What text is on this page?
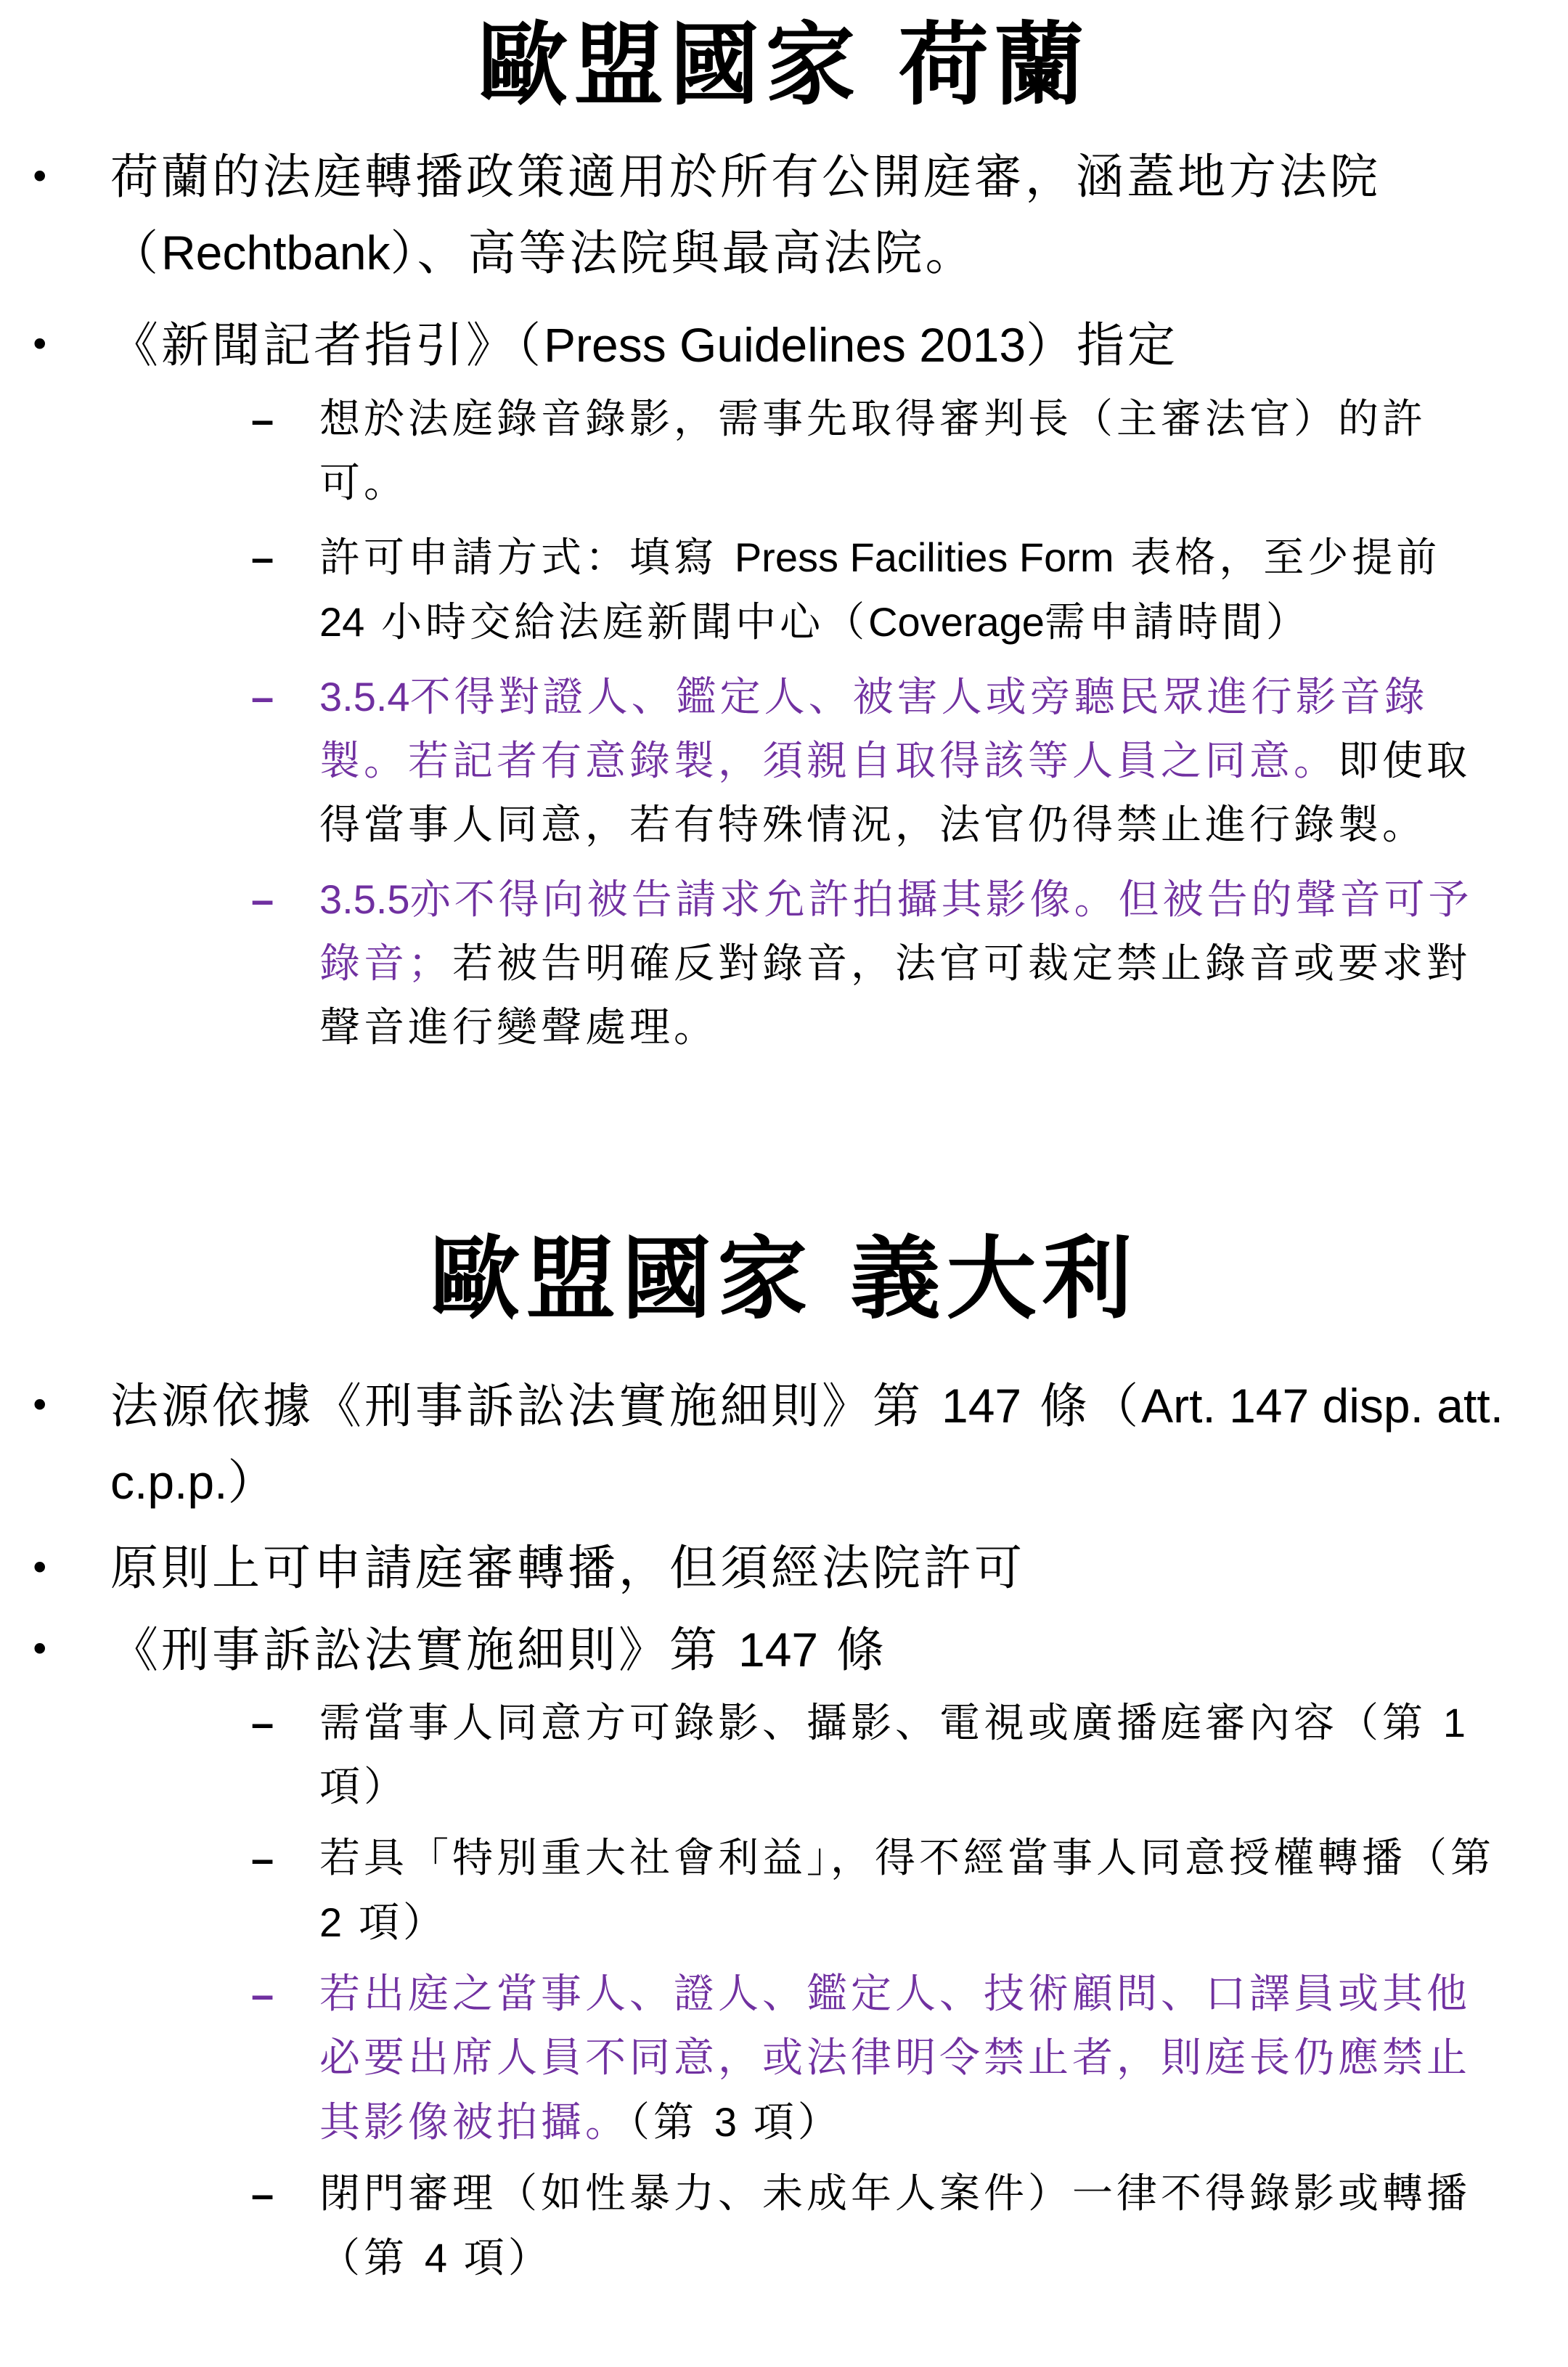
歐盟國家 荷蘭
• 荷蘭的法庭轉播政策適用於所有公開庭審，涵蓋地方法院（Rechtbank）、高等法院與最高法院。
• 《新聞記者指引》（Press Guidelines 2013）指定
– 想於法庭錄音錄影，需事先取得審判長（主審法官）的許可。
– 許可申請方式：填寫 Press Facilities Form 表格，至少提前 24 小時交給法庭新聞中心（Coverage需申請時間）
– 3.5.4不得對證人、鑑定人、被害人或旁聽民眾進行影音錄製。若記者有意錄製，須親自取得該等人員之同意。即使取得當事人同意，若有特殊情況，法官仍得禁止進行錄製。
– 3.5.5亦不得向被告請求允許拍攝其影像。但被告的聲音可予錄音；若被告明確反對錄音，法官可裁定禁止錄音或要求對聲音進行變聲處理。
歐盟國家 義大利
• 法源依據《刑事訴訟法實施細則》第 147 條（Art. 147 disp. att. c.p.p.）
• 原則上可申請庭審轉播，但須經法院許可
• 《刑事訴訟法實施細則》第 147 條
– 需當事人同意方可錄影、攝影、電視或廣播庭審內容（第 1 項）
– 若具「特別重大社會利益」，得不經當事人同意授權轉播（第 2 項）
– 若出庭之當事人、證人、鑑定人、技術顧問、口譯員或其他必要出席人員不同意，或法律明令禁止者，則庭長仍應禁止其影像被拍攝。（第 3 項）
– 閉門審理（如性暴力、未成年人案件）一律不得錄影或轉播（第 4 項）
